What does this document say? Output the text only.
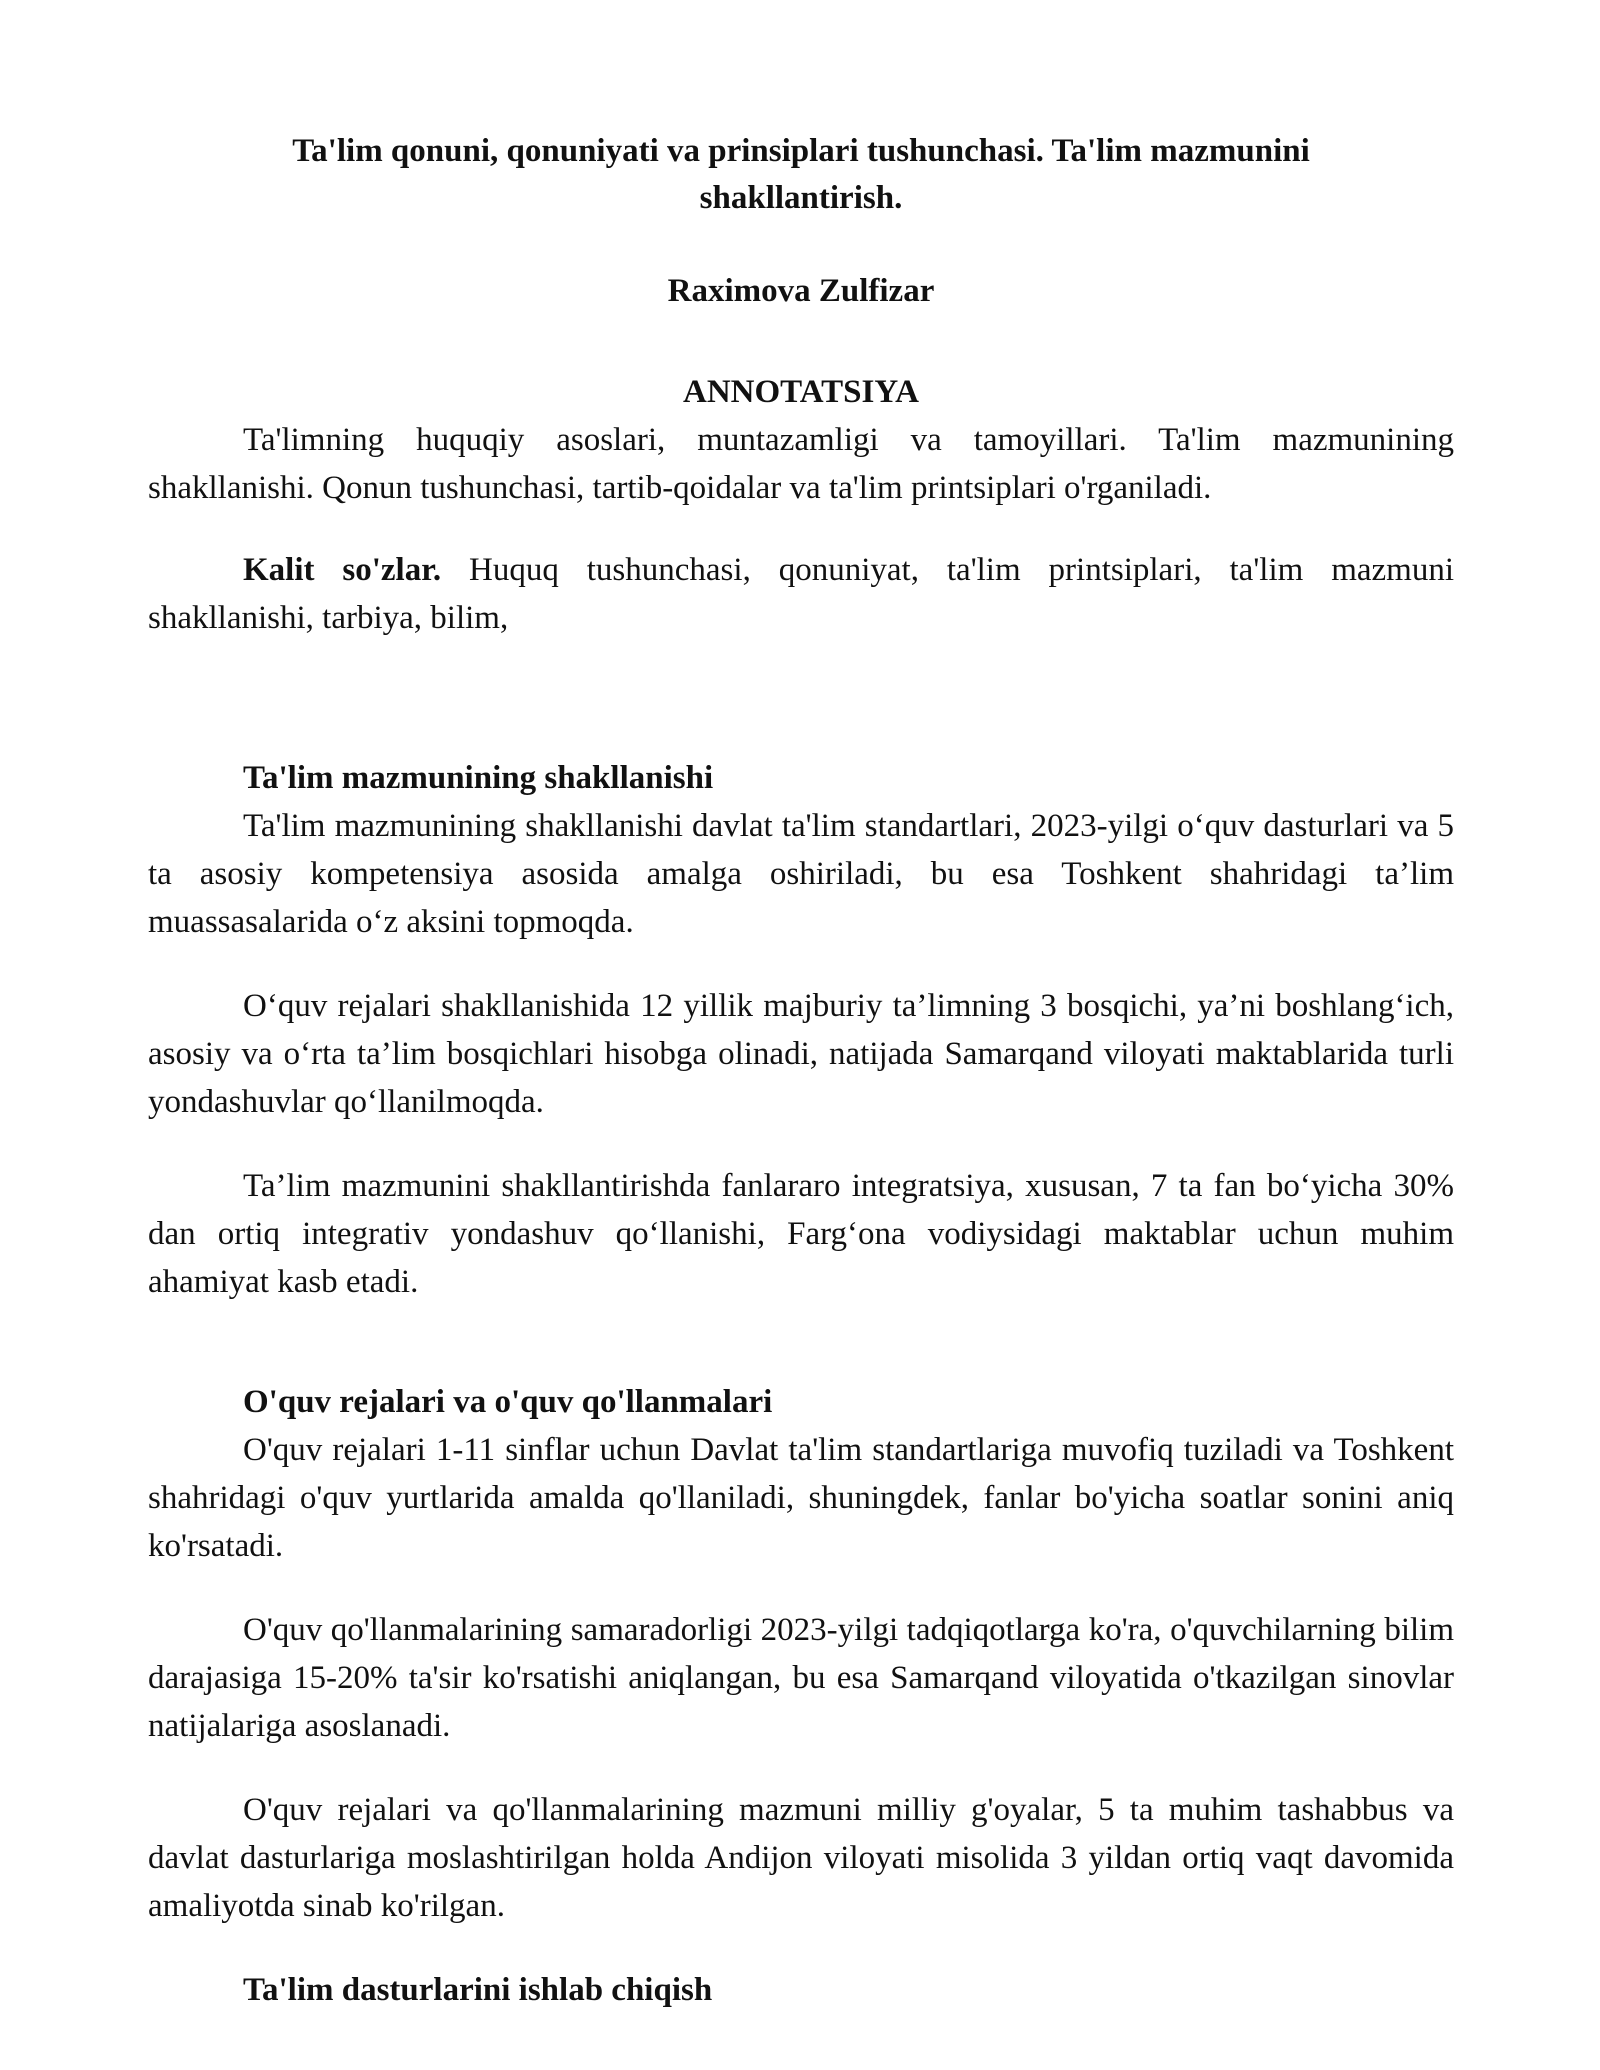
Ta'lim qonuni, qonuniyati va prinsiplari tushunchasi. Ta'lim mazmunini shakllantirish.

Raximova Zulfizar

ANNOTATSIYA

Ta'limning huquqiy asoslari, muntazamligi va tamoyillari. Ta'lim mazmunining shakllanishi. Qonun tushunchasi, tartib-qoidalar va ta'lim printsiplari o'rganiladi.

Kalit so'zlar. Huquq tushunchasi, qonuniyat, ta'lim printsiplari, ta'lim mazmuni shakllanishi, tarbiya, bilim,

Ta'lim mazmunining shakllanishi

Ta'lim mazmunining shakllanishi davlat ta'lim standartlari, 2023-yilgi o‘quv dasturlari va 5 ta asosiy kompetensiya asosida amalga oshiriladi, bu esa Toshkent shahridagi ta’lim muassasalarida o‘z aksini topmoqda.

O‘quv rejalari shakllanishida 12 yillik majburiy ta’limning 3 bosqichi, ya’ni boshlang‘ich, asosiy va o‘rta ta’lim bosqichlari hisobga olinadi, natijada Samarqand viloyati maktablarida turli yondashuvlar qo‘llanilmoqda.

Ta’lim mazmunini shakllantirishda fanlararo integratsiya, xususan, 7 ta fan bo‘yicha 30% dan ortiq integrativ yondashuv qo‘llanishi, Farg‘ona vodiysidagi maktablar uchun muhim ahamiyat kasb etadi.

O'quv rejalari va o'quv qo'llanmalari

O'quv rejalari 1-11 sinflar uchun Davlat ta'lim standartlariga muvofiq tuziladi va Toshkent shahridagi o'quv yurtlarida amalda qo'llaniladi, shuningdek, fanlar bo'yicha soatlar sonini aniq ko'rsatadi.

O'quv qo'llanmalarining samaradorligi 2023-yilgi tadqiqotlarga ko'ra, o'quvchilarning bilim darajasiga 15-20% ta'sir ko'rsatishi aniqlangan, bu esa Samarqand viloyatida o'tkazilgan sinovlar natijalariga asoslanadi.

O'quv rejalari va qo'llanmalarining mazmuni milliy g'oyalar, 5 ta muhim tashabbus va davlat dasturlariga moslashtirilgan holda Andijon viloyati misolida 3 yildan ortiq vaqt davomida amaliyotda sinab ko'rilgan.

Ta'lim dasturlarini ishlab chiqish
